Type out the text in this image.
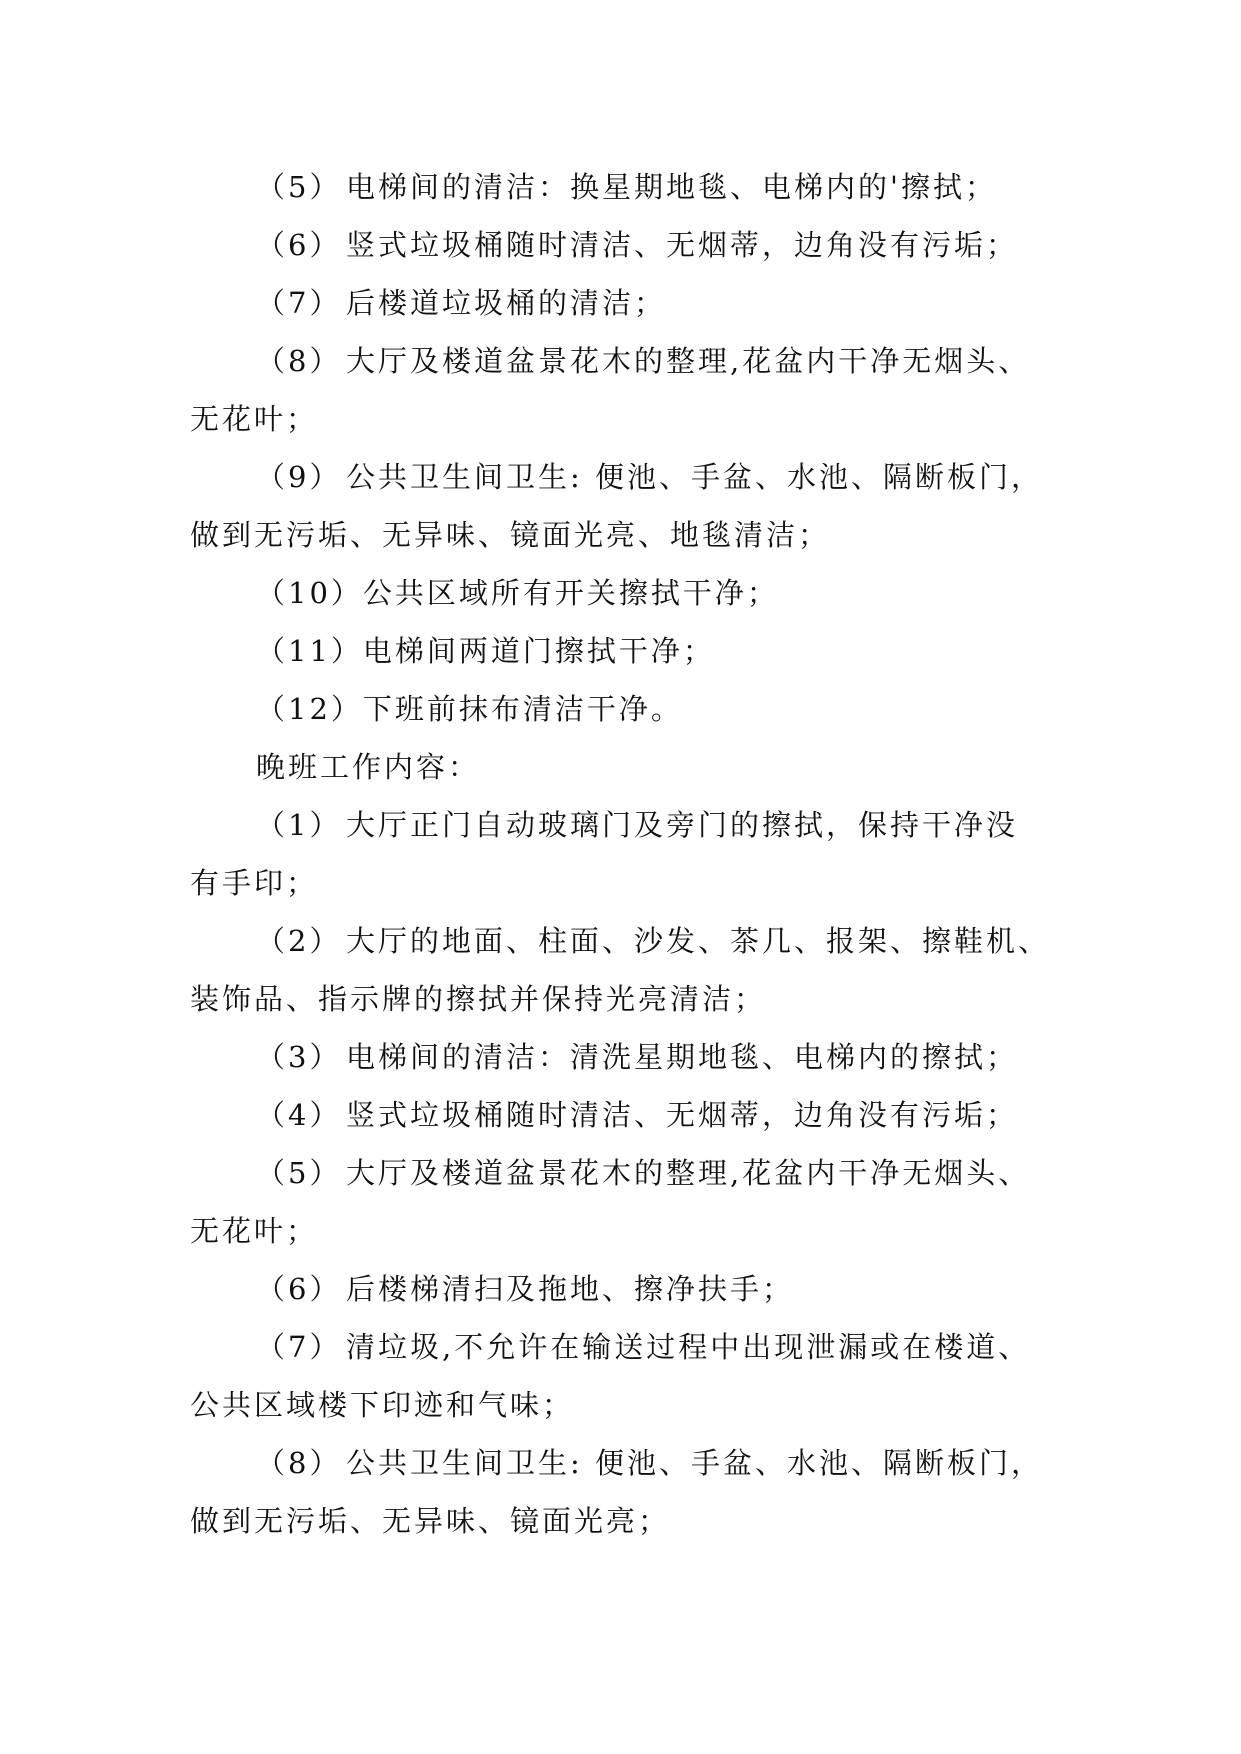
（5） 电梯间的清洁：换星期地毯、电梯内的'擦拭；
（6） 竖式垃圾桶随时清洁、无烟蒂，边角没有污垢；
（7） 后楼道垃圾桶的清洁；
（8） 大厅及楼道盆景花木的整理,花盆内干净无烟头、
无花叶；
（9） 公共卫生间卫生: 便池、手盆、水池、隔断板门，
做到无污垢、无异味、镜面光亮、地毯清洁；
（10）公共区域所有开关擦拭干净；
（11）电梯间两道门擦拭干净；
（12）下班前抹布清洁干净。
晚班工作内容：
（1） 大厅正门自动玻璃门及旁门的擦拭，保持干净没
有手印；
（2） 大厅的地面、柱面、沙发、茶几、报架、擦鞋机、
装饰品、指示牌的擦拭并保持光亮清洁；
（3） 电梯间的清洁：清洗星期地毯、电梯内的擦拭；
（4） 竖式垃圾桶随时清洁、无烟蒂，边角没有污垢；
（5） 大厅及楼道盆景花木的整理,花盆内干净无烟头、
无花叶；
（6） 后楼梯清扫及拖地、擦净扶手；
（7） 清垃圾,不允许在输送过程中出现泄漏或在楼道、
公共区域楼下印迹和气味；
（8） 公共卫生间卫生: 便池、手盆、水池、隔断板门，
做到无污垢、无异味、镜面光亮；
